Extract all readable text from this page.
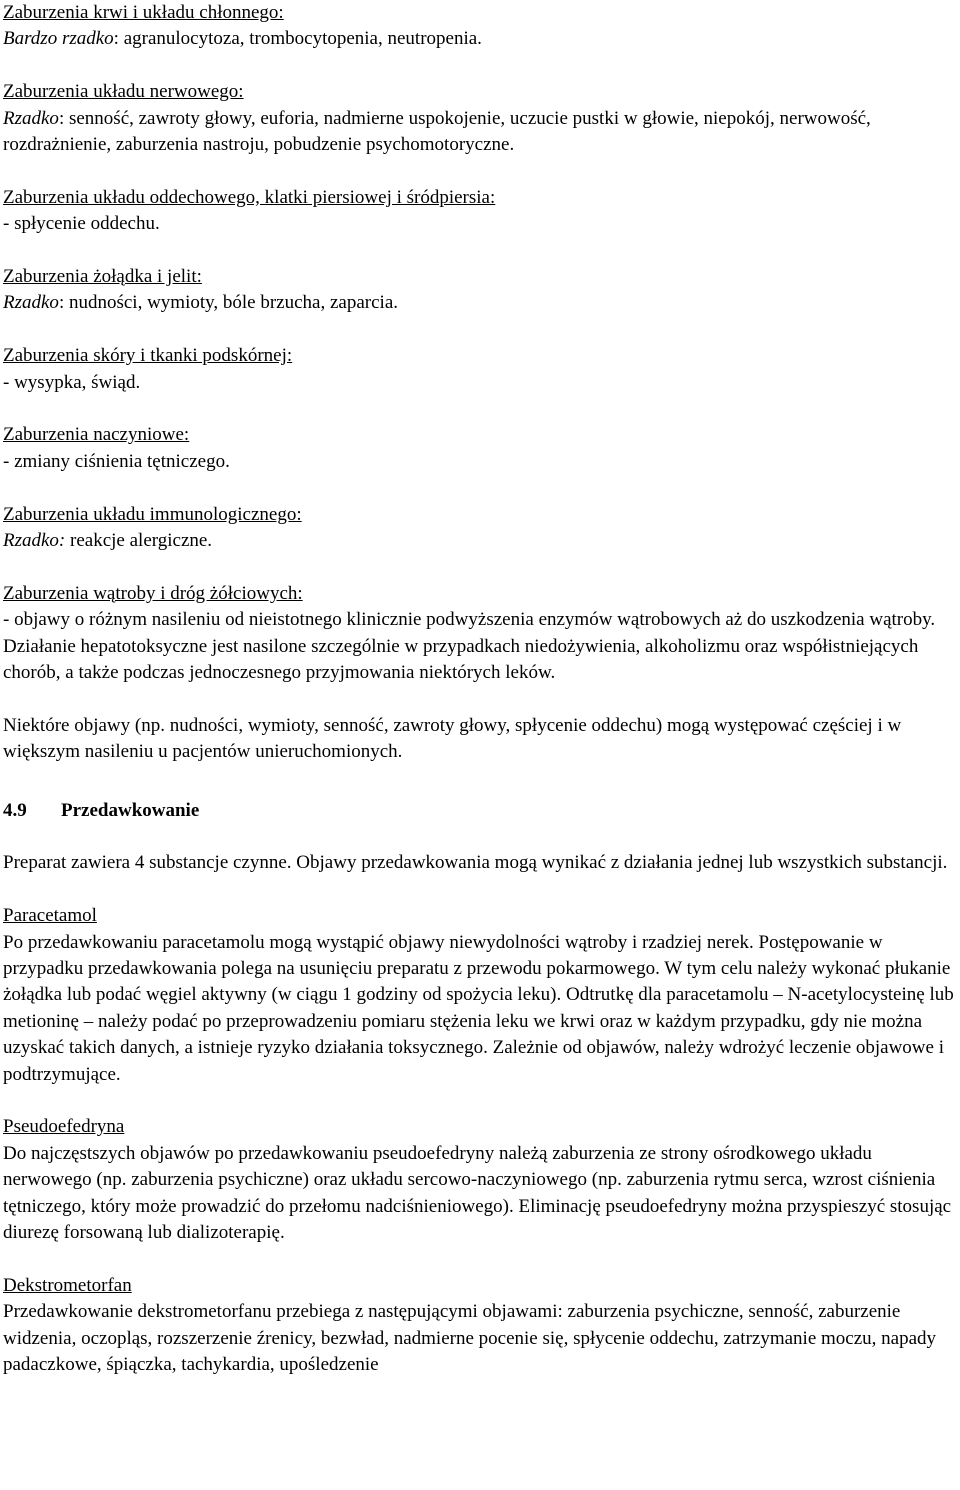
Zaburzenia krwi i układu chłonnego:

Bardzo rzadko: agranulocytoza, trombocytopenia, neutropenia.

Zaburzenia układu nerwowego:

Rzadko: senność, zawroty głowy, euforia, nadmierne uspokojenie, uczucie pustki w głowie, niepokój, nerwowość, rozdrażnienie, zaburzenia nastroju, pobudzenie psychomotoryczne.

Zaburzenia układu oddechowego, klatki piersiowej i śródpiersia:

- spłycenie oddechu.

Zaburzenia żołądka i jelit:

Rzadko: nudności, wymioty, bóle brzucha, zaparcia.

Zaburzenia skóry i tkanki podskórnej:

- wysypka, świąd.

Zaburzenia naczyniowe:

- zmiany ciśnienia tętniczego.

Zaburzenia układu immunologicznego:

Rzadko: reakcje alergiczne.

Zaburzenia wątroby i dróg żółciowych:

- objawy o różnym nasileniu od nieistotnego klinicznie podwyższenia enzymów wątrobowych aż do uszkodzenia wątroby. Działanie hepatotoksyczne jest nasilone szczególnie w przypadkach niedożywienia, alkoholizmu oraz współistniejących chorób, a także podczas jednoczesnego przyjmowania niektórych leków.

Niektóre objawy (np. nudności, wymioty, senność, zawroty głowy, spłycenie oddechu) mogą występować częściej i w większym nasileniu u pacjentów unieruchomionych.

4.9 Przedawkowanie

Preparat zawiera 4 substancje czynne. Objawy przedawkowania mogą wynikać z działania jednej lub wszystkich substancji.

Paracetamol

Po przedawkowaniu paracetamolu mogą wystąpić objawy niewydolności wątroby i rzadziej nerek. Postępowanie w przypadku przedawkowania polega na usunięciu preparatu z przewodu pokarmowego. W tym celu należy wykonać płukanie żołądka lub podać węgiel aktywny (w ciągu 1 godziny od spożycia leku). Odtrutkę dla paracetamolu – N-acetylocysteinę lub metioninę – należy podać po przeprowadzeniu pomiaru stężenia leku we krwi oraz w każdym przypadku, gdy nie można uzyskać takich danych, a istnieje ryzyko działania toksycznego. Zależnie od objawów, należy wdrożyć leczenie objawowe i podtrzymujące.

Pseudoefedryna

Do najczęstszych objawów po przedawkowaniu pseudoefedryny należą zaburzenia ze strony ośrodkowego układu nerwowego (np. zaburzenia psychiczne) oraz układu sercowo-naczyniowego (np. zaburzenia rytmu serca, wzrost ciśnienia tętniczego, który może prowadzić do przełomu nadciśnieniowego). Eliminację pseudoefedryny można przyspieszyć stosując diurezę forsowaną lub dializoterapię.

Dekstrometorfan

Przedawkowanie dekstrometorfanu przebiega z następującymi objawami: zaburzenia psychiczne, senność, zaburzenie widzenia, oczopląs, rozszerzenie źrenicy, bezwład, nadmierne pocenie się, spłycenie oddechu, zatrzymanie moczu, napady padaczkowe, śpiączka, tachykardia, upośledzenie
